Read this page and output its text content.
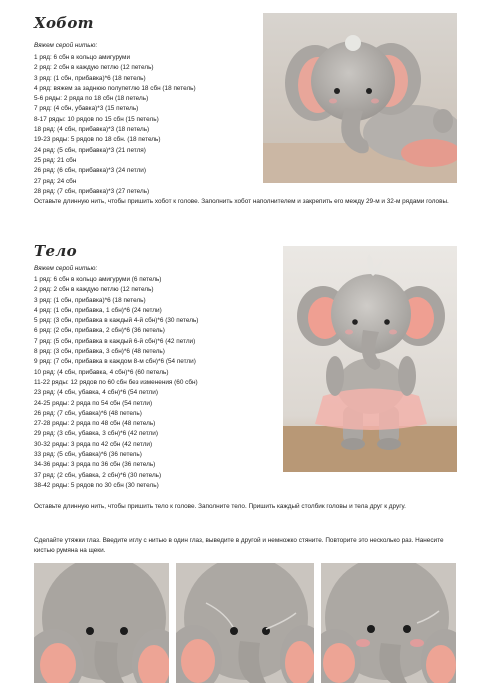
Хобот
Вяжем серой нитью:
1 ряд: 6 сбн в кольцо амигуруми
2 ряд: 2 сбн в каждую петлю (12 петель)
3 ряд: (1 сбн, прибавка)*6 (18 петель)
4 ряд: вяжем за заднюю полупетлю 18 сбн (18 петель)
5-6 ряды: 2 ряда по 18 сбн (18 петель)
7 ряд: (4 сбн, убавка)*3 (15 петель)
8-17 ряды: 10 рядов по 15 сбн (15 петель)
18 ряд: (4 сбн, прибавка)*3 (18 петель)
19-23 ряды: 5 рядов по 18 сбн. (18 петель)
24 ряд: (5 сбн, прибавка)*3 (21 петля)
25 ряд: 21 сбн
26 ряд: (6 сбн, прибавка)*3 (24 петли)
27 ряд: 24 сбн
28 ряд: (7 сбн, прибавка)*3 (27 петель)
Оставьте длинную нить, чтобы пришить хобот к голове. Заполнить хобот наполнителем и закрепить его между 29-м и 32-м рядами головы.
Тело
Вяжем серой нитью:
1 ряд: 6 сбн в кольцо амигуруми (6 петель)
2 ряд: 2 сбн в каждую петлю (12 петель)
3 ряд: (1 сбн, прибавка)*6 (18 петель)
4 ряд: (1 сбн, прибавка, 1 сбн)*6 (24 петли)
5 ряд: (3 сбн, прибавка в каждый 4-й сбн)*6 (30 петель)
6 ряд: (2 сбн, прибавка, 2 сбн)*6 (36 петель)
7 ряд: (5 сбн, прибавка в каждый 6-й сбн)*6 (42 петли)
8 ряд: (3 сбн, прибавка, 3 сбн)*6 (48 петель)
9 ряд: (7 сбн, прибавка в каждом 8-м сбн)*6 (54 петли)
10 ряд: (4 сбн, прибавка, 4 сбн)*6 (60 петель)
11-22 ряды: 12 рядов по 60 сбн без изменения (60 сбн)
23 ряд: (4 сбн, убавка, 4 сбн)*6 (54 петли)
24-25 ряды: 2 ряда по 54 сбн (54 петли)
26 ряд: (7 сбн, убавка)*6 (48 петель)
27-28 ряды: 2 ряда по 48 сбн (48 петель)
29 ряд: (3 сбн, убавка, 3 сбн)*6 (42 петли)
30-32 ряды: 3 ряда по 42 сбн (42 петли)
33 ряд: (5 сбн, убавка)*6 (36 петель)
34-36 ряды: 3 ряда по 36 сбн (36 петель)
37 ряд: (2 сбн, убавка, 2 сбн)*6 (30 петель)
38-42 ряды: 5 рядов по 30 сбн (30 петель)
Оставьте длинную нить, чтобы пришить тело к голове. Заполните тело. Пришить каждый столбик головы и тела друг к другу.
Сделайте утяжки глаз. Введите иглу с нитью в один глаз, выведите в другой и немножко стяните. Повторите это несколько раз. Нанесите кистью румяна на щеки.
